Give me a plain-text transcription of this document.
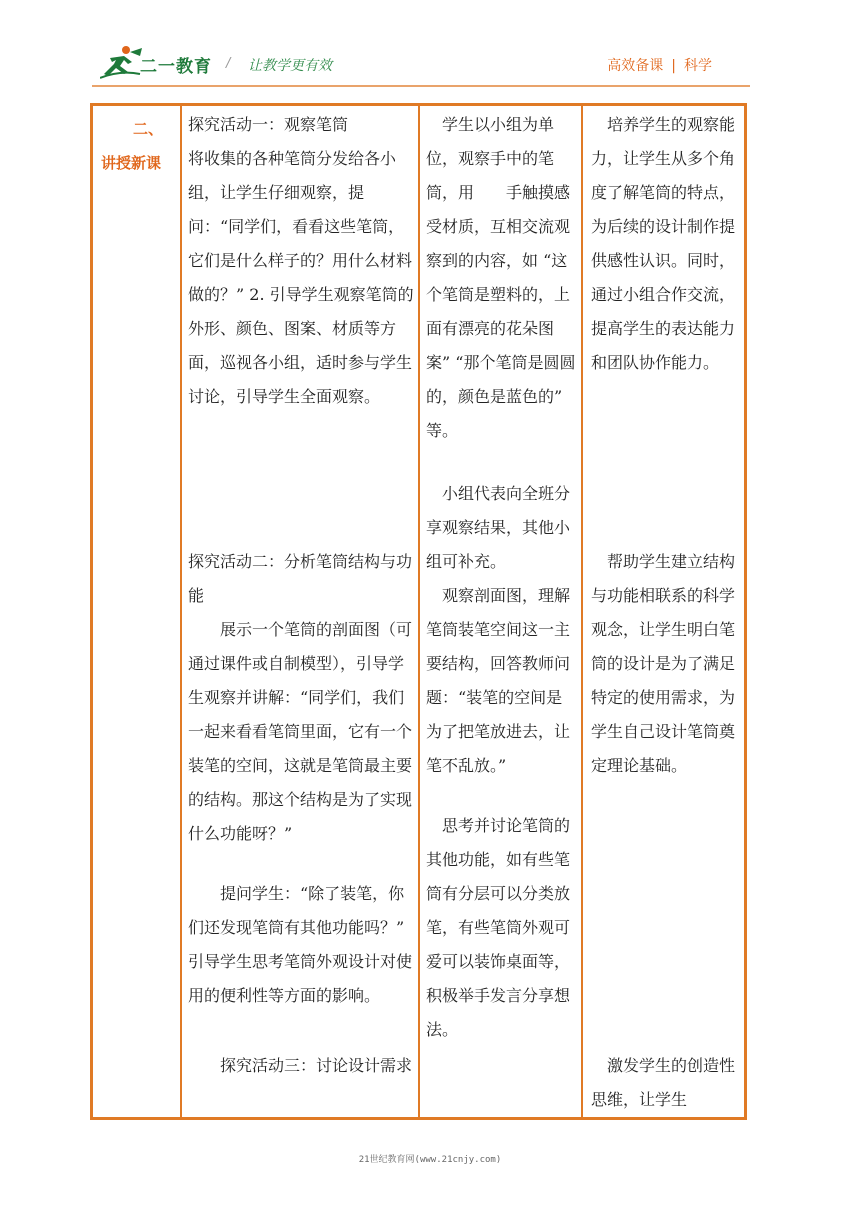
二一教育 / 让教学更有效	高效备课 | 科学
二、
讲授新课
探究活动一：观察笔筒
将收集的各种笔筒分发给各小组，让学生仔细观察，提问：“同学们，看看这些笔筒，它们是什么样子的？用什么材料做的？” 2. 引导学生观察笔筒的外形、颜色、图案、材质等方面，巡视各小组，适时参与学生讨论，引导学生全面观察。
探究活动二：分析笔筒结构与功能
　　展示一个笔筒的剖面图（可通过课件或自制模型），引导学生观察并讲解：“同学们，我们一起来看看笔筒里面，它有一个装笔的空间，这就是笔筒最主要的结构。那这个结构是为了实现什么功能呀？”
　　提问学生：“除了装笔，你们还发现笔筒有其他功能吗？” 引导学生思考笔筒外观设计对使用的便利性等方面的影响。
　　探究活动三：讨论设计需求
　学生以小组为单位，观察手中的笔筒，用　　手触摸感受材质，互相交流观察到的内容，如 “这个笔筒是塑料的，上面有漂亮的花朵图案” “那个笔筒是圆圆的，颜色是蓝色的” 等。
　小组代表向全班分享观察结果，其他小组可补充。
　观察剖面图，理解笔筒装笔空间这一主要结构，回答教师问题：“装笔的空间是为了把笔放进去，让笔不乱放。”
　思考并讨论笔筒的其他功能，如有些笔筒有分层可以分类放笔，有些笔筒外观可爱可以装饰桌面等，积极举手发言分享想法。
　培养学生的观察能力，让学生从多个角度了解笔筒的特点，为后续的设计制作提供感性认识。同时，通过小组合作交流，提高学生的表达能力和团队协作能力。
　帮助学生建立结构与功能相联系的科学观念，让学生明白笔筒的设计是为了满足特定的使用需求，为学生自己设计笔筒奠定理论基础。
　激发学生的创造性思维，让学生
21世纪教育网(www.21cnjy.com)
